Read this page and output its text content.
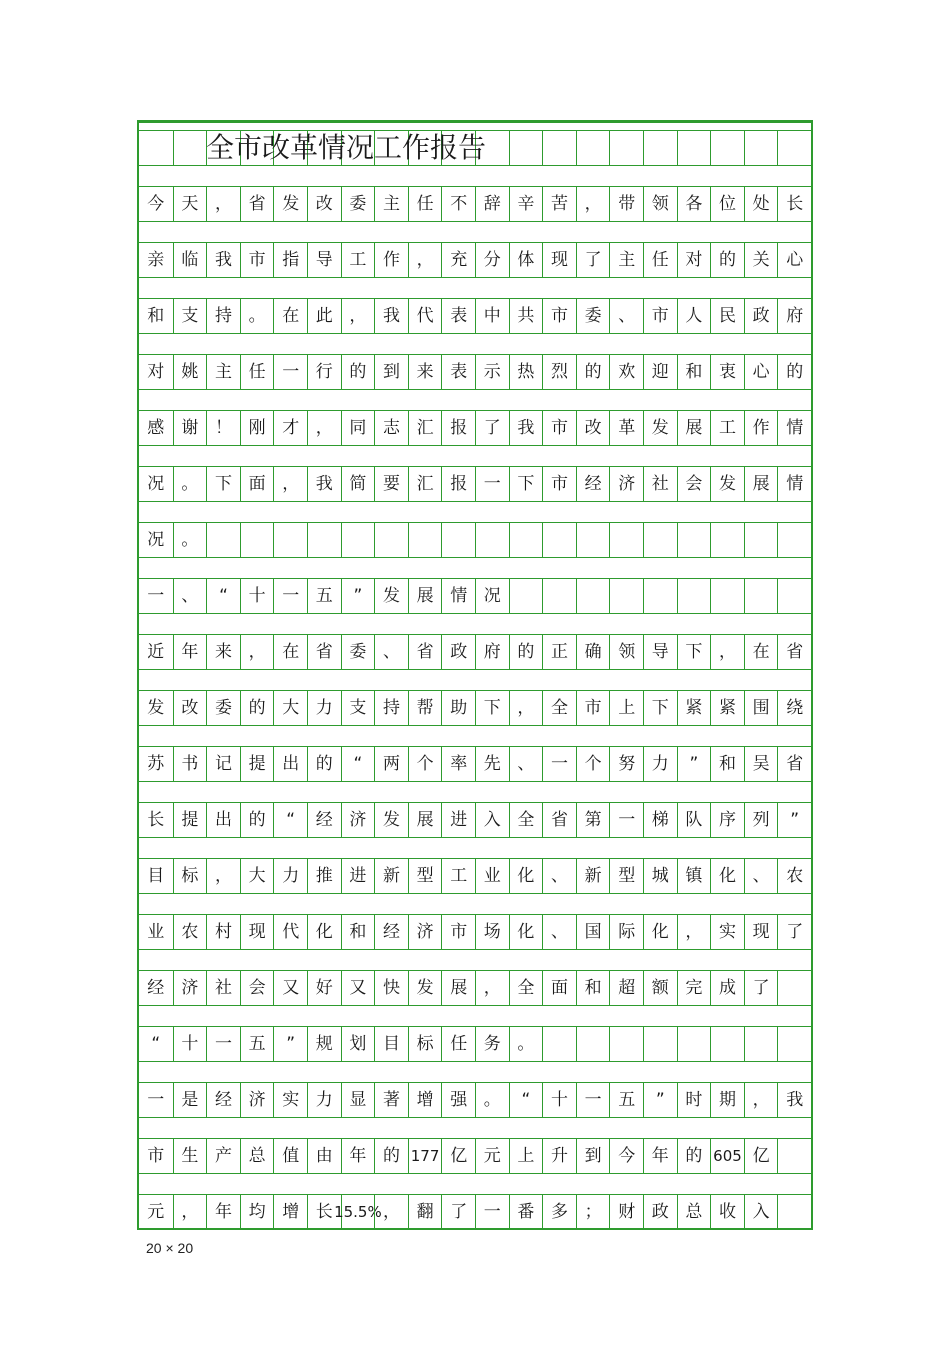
全市改革情况工作报告
今	天 ， 省 发 改 委 主 任 不 辞 辛 苦 ， 带 领 各 位 处 长
亲	临 我 市 指 导 工 作 ， 充 分 体 现 了 主 任 对 的 关 心
和	支 持 。 在 此 ， 我 代 表 中 共 市 委 、 市 人 民 政 府
对	姚 主 任 一 行 的 到 来 表 示 热 烈 的 欢 迎 和 衷 心 的
感	谢 ！ 刚 才 ， 同 志 汇 报 了 我 市 改 革 发 展 工 作 情
况	。 下 面 ， 我 简 要 汇 报 一 下 市 经 济 社 会 发 展 情
况	。
一	、	“	十 一 五	”	发 展 情 况
近	年 来 ， 在 省 委 、 省 政 府 的 正 确 领 导 下 ， 在 省
发	改 委 的 大 力 支 持 帮 助 下 ， 全 市 上 下 紧 紧 围 绕
苏	书 记 提 出 的	“	两 个 率 先 、 一 个 努 力	”	和 吴 省
长	提 出 的	“	经 济 发 展 进 入 全 省 第 一 梯 队 序 列	”
目	标 ， 大 力 推 进 新 型 工 业 化 、 新 型 城 镇 化 、 农
业	农 村 现 代 化 和 经 济 市 场 化 、 国 际 化 ， 实 现 了
经	济 社 会 又 好 又 快 发 展 ， 全 面 和 超 额 完 成 了
“	十 一 五	”	规 划 目 标 任 务 。
一	是 经 济 实 力 显 著 增 强 。	“	十 一 五	”	时 期 ， 我
市	生 产 总 值 由 年 的 177 亿 元 上 升 到 今 年 的 605 亿
元	， 年 均 增 长 15.5% ， 翻 了 一 番 多 ； 财 政 总 收 入
20 × 20
